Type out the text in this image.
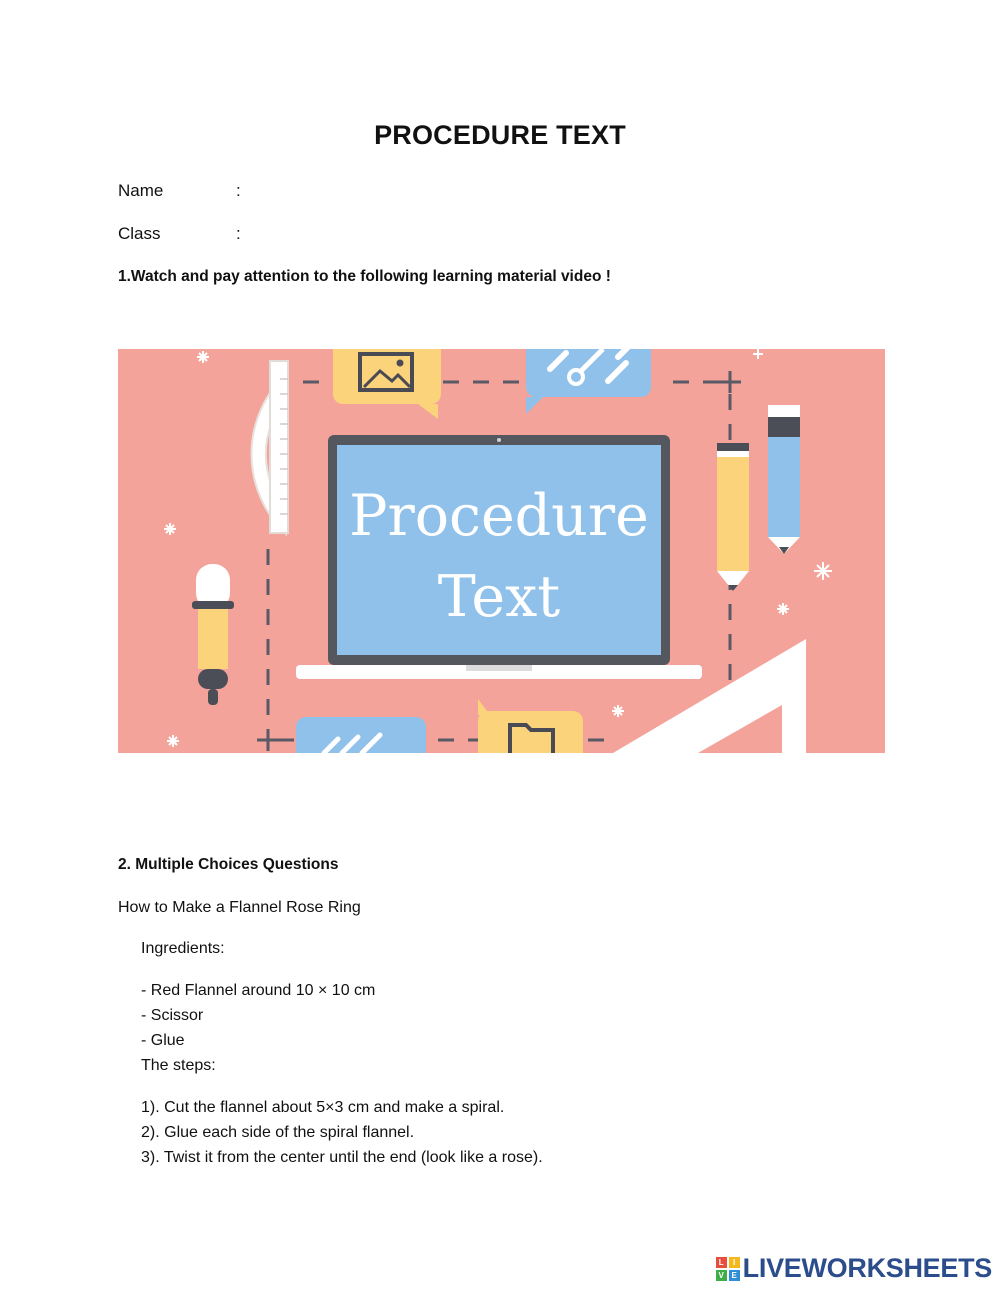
PROCEDURE TEXT
Name	:
Class	:
1.Watch and pay attention to the following learning material video !
Procedure
Text
2. Multiple Choices Questions
How to Make a Flannel Rose Ring
Ingredients:
- Red Flannel around 10 × 10 cm
- Scissor
- Glue
The steps:
1). Cut the flannel about 5×3 cm and make a spiral.
2). Glue each side of the spiral flannel.
3). Twist it from the center until the end (look like a rose).
L	I
V E LIVEWORKSHEETS
